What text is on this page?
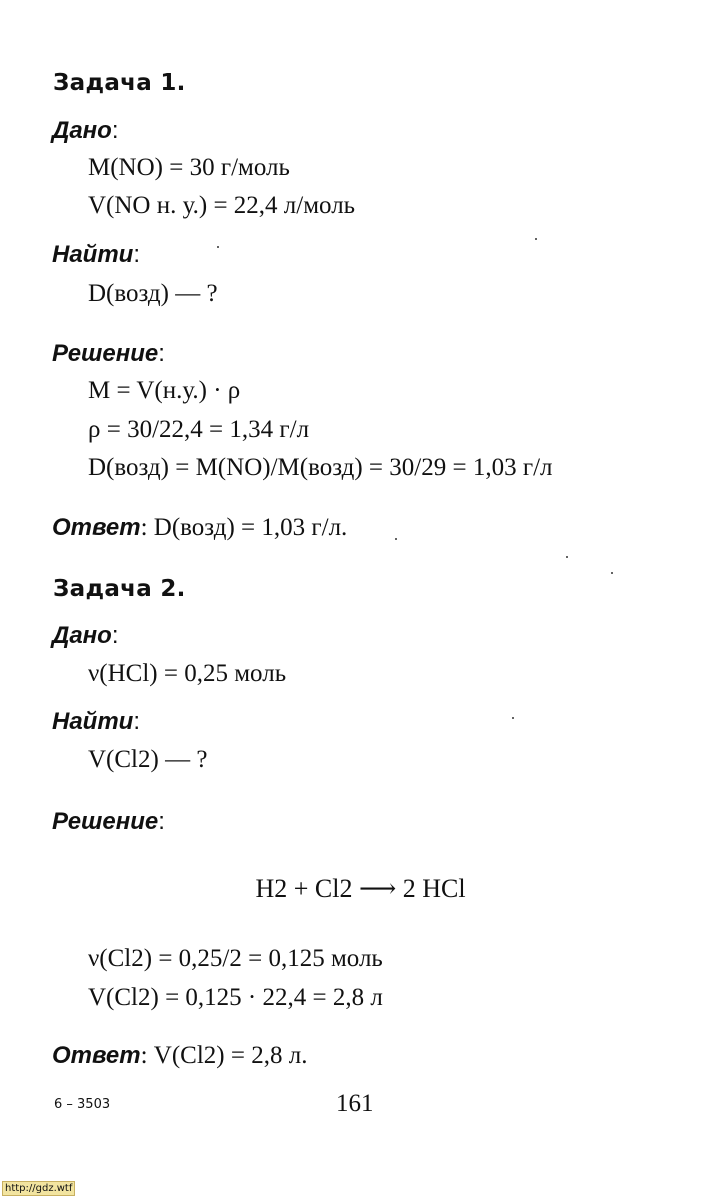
Задача 1.
Дано:
M(NO) = 30 г/моль
V(NO н. у.) = 22,4 л/моль
Найти:
D(возд) — ?
Решение:
M = V(н.у.) · ρ
ρ = 30/22,4 = 1,34 г/л
D(возд) = M(NO)/M(возд) = 30/29 = 1,03 г/л
Ответ: D(возд) = 1,03 г/л.
Задача 2.
Дано:
ν(HCl) = 0,25 моль
Найти:
V(Cl2) — ?
Решение:
H2 + Cl2 ⟶ 2 HCl
ν(Cl2) = 0,25/2 = 0,125 моль
V(Cl2) = 0,125 · 22,4 = 2,8 л
Ответ: V(Cl2) = 2,8 л.
6 – 3503	161
http://gdz.wtf
